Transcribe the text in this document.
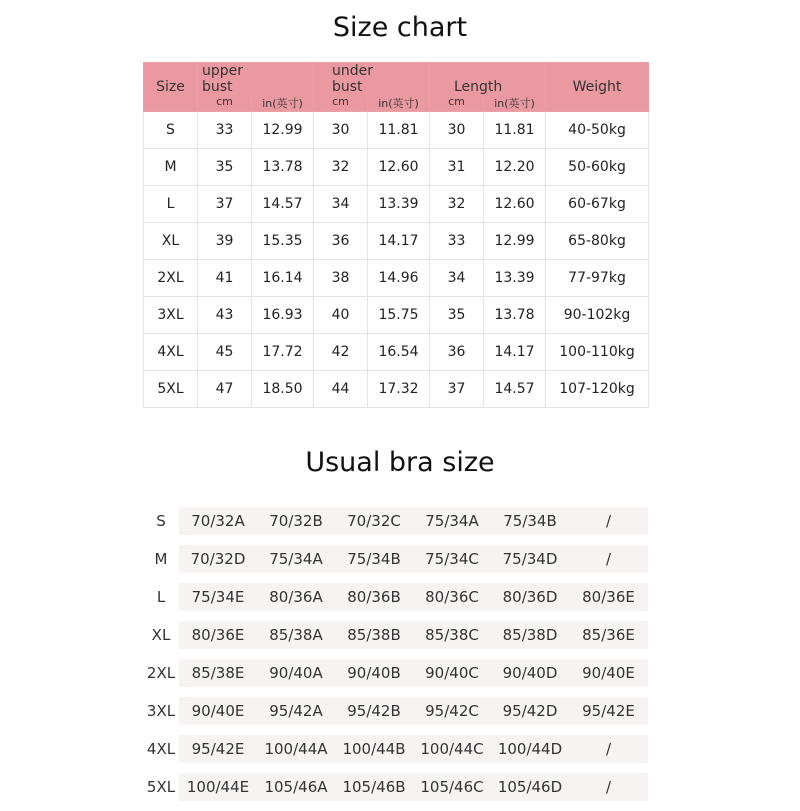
Size chart
Size	upper bust		under bust		Length		Weight
	cm	in(英寸)	cm	in(英寸)	cm	in(英寸)	
S	33	12.99	30	11.81	30	11.81	40-50kg
M	35	13.78	32	12.60	31	12.20	50-60kg
L	37	14.57	34	13.39	32	12.60	60-67kg
XL	39	15.35	36	14.17	33	12.99	65-80kg
2XL	41	16.14	38	14.96	34	13.39	77-97kg
3XL	43	16.93	40	15.75	35	13.78	90-102kg
4XL	45	17.72	42	16.54	36	14.17	100-110kg
5XL	47	18.50	44	17.32	37	14.57	107-120kg
Usual bra size
S	70/32A	70/32B	70/32C	75/34A	75/34B	/
M	70/32D	75/34A	75/34B	75/34C	75/34D	/
L	75/34E	80/36A	80/36B	80/36C	80/36D	80/36E
XL	80/36E	85/38A	85/38B	85/38C	85/38D	85/36E
2XL	85/38E	90/40A	90/40B	90/40C	90/40D	90/40E
3XL	90/40E	95/42A	95/42B	95/42C	95/42D	95/42E
4XL	95/42E	100/44A	100/44B	100/44C	100/44D	/
5XL	100/44E	105/46A	105/46B	105/46C	105/46D	/
